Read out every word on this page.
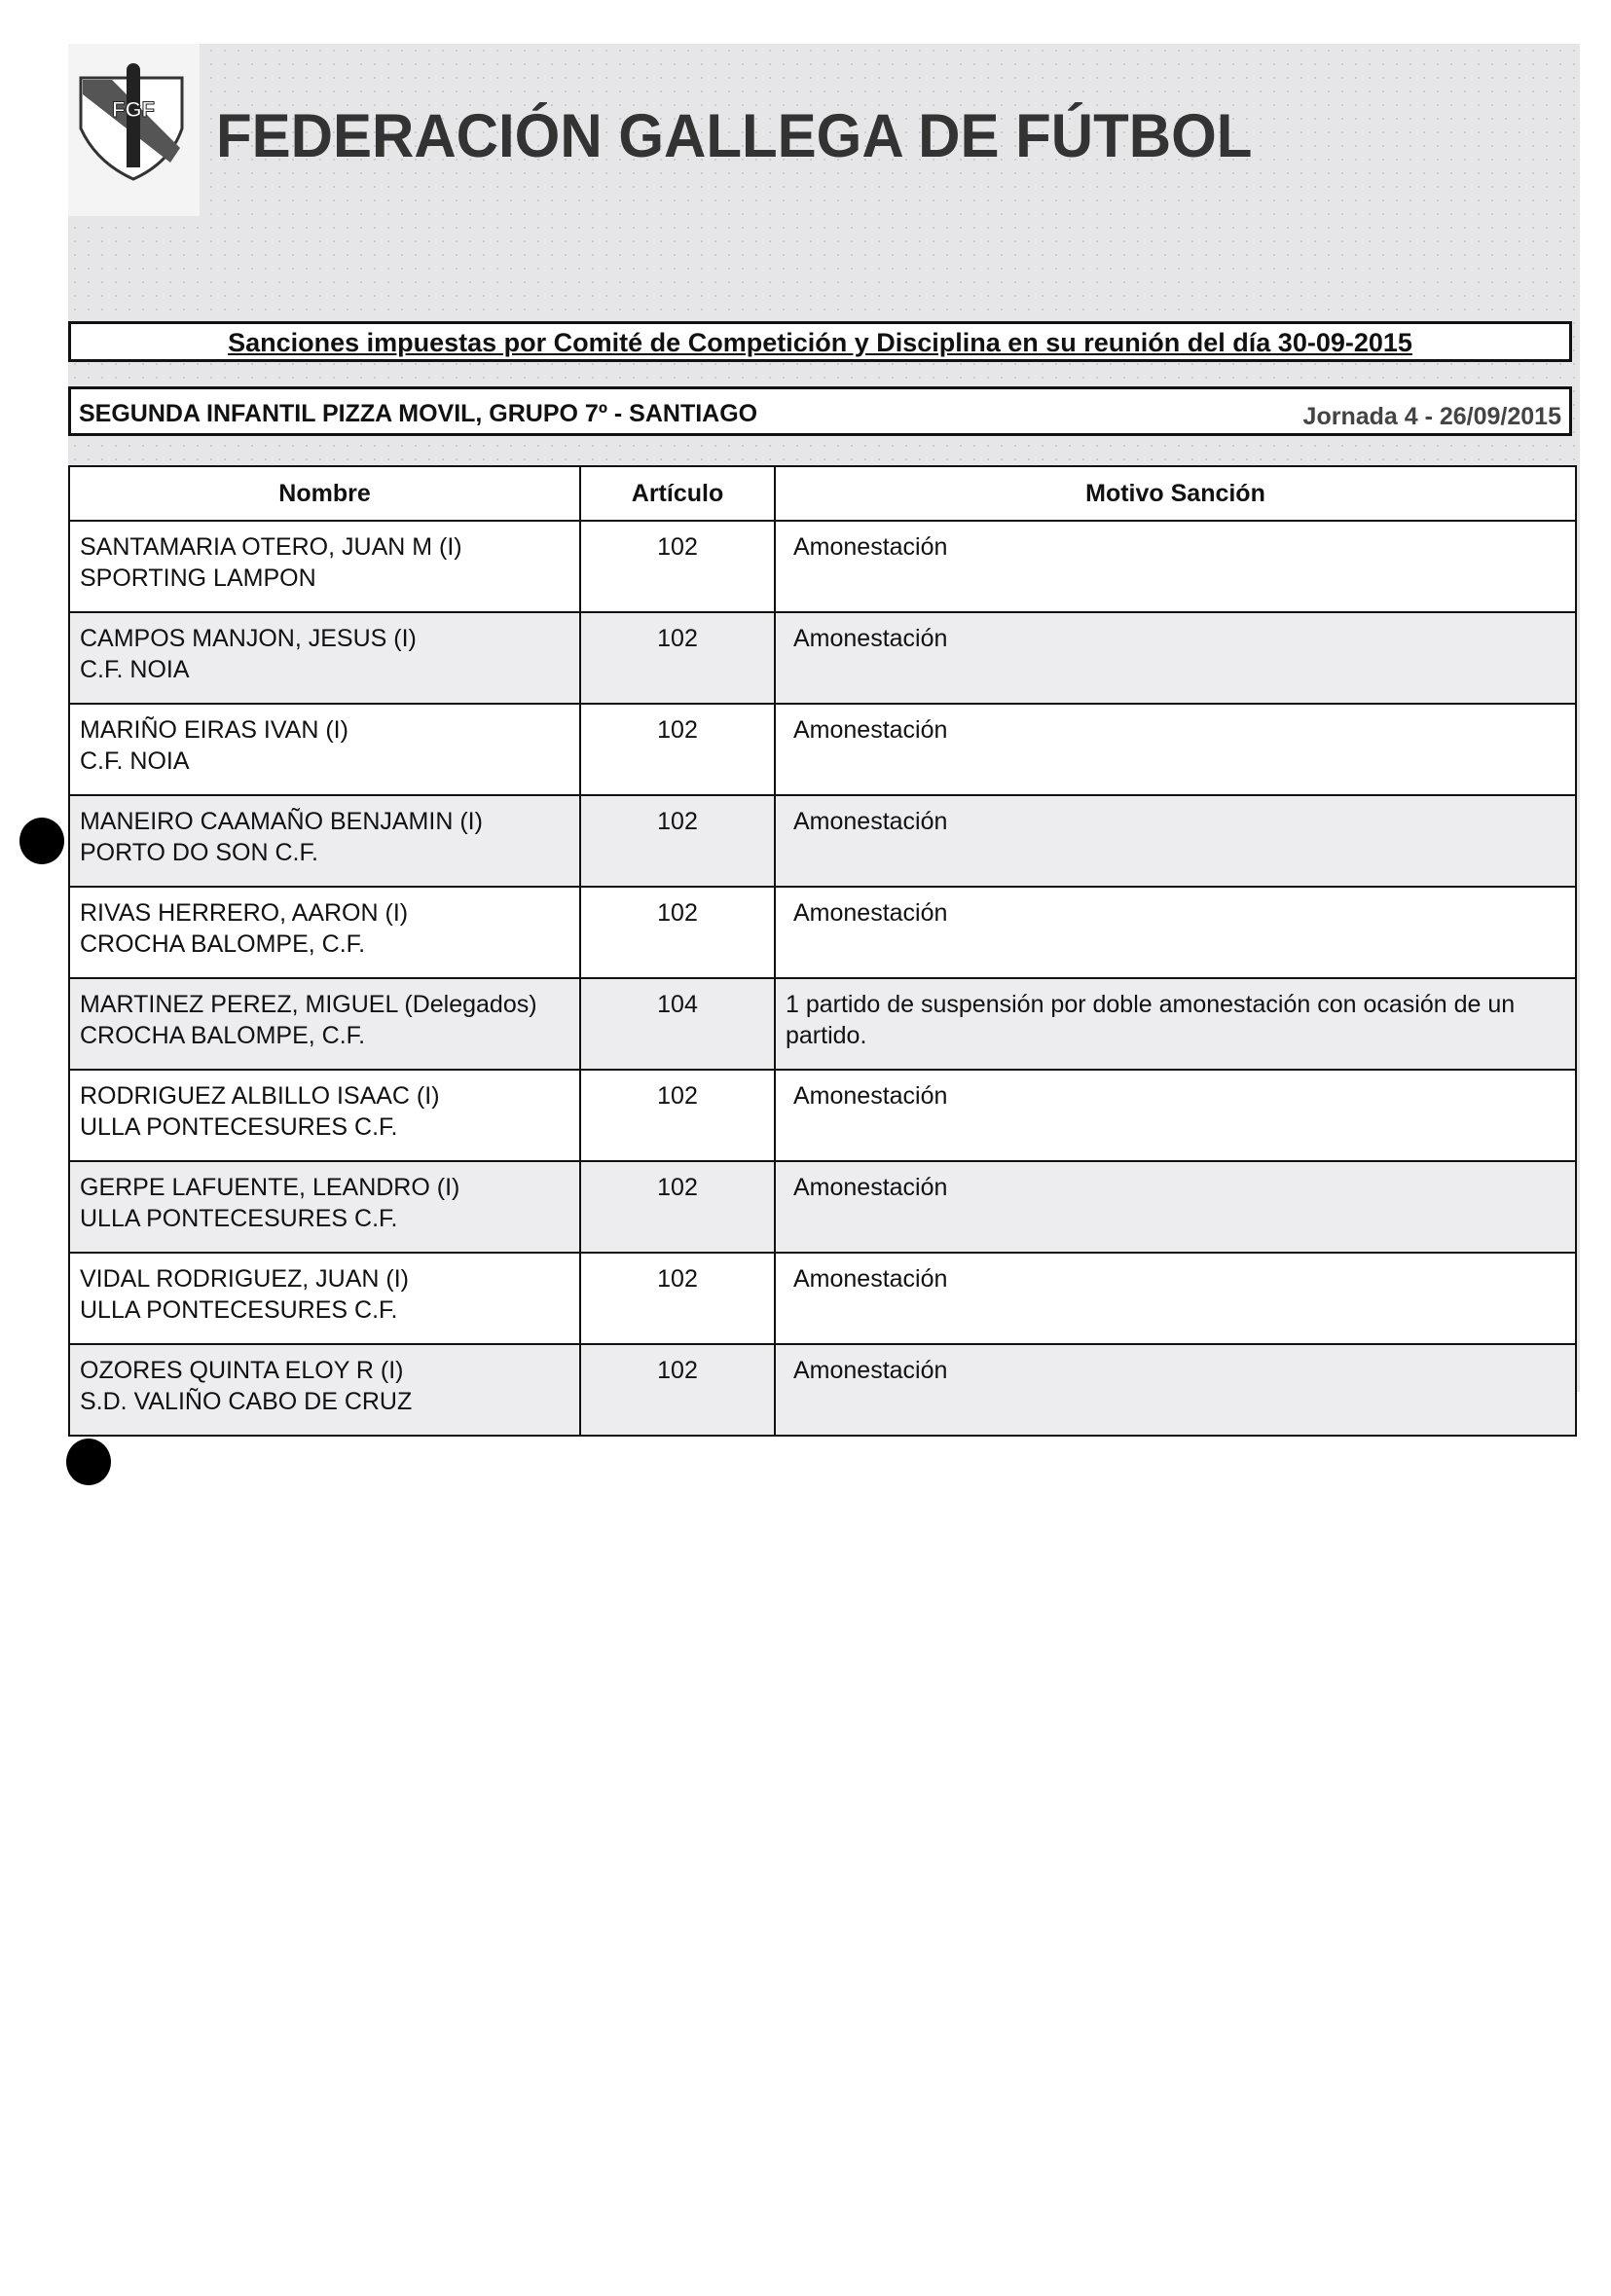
FGF FEDERACIÓN GALLEGA DE FÚTBOL
Sanciones impuestas por Comité de Competición y Disciplina en su reunión del día 30-09-2015
SEGUNDA INFANTIL PIZZA MOVIL, GRUPO 7º - SANTIAGO	Jornada 4 - 26/09/2015
Nombre	Artículo	Motivo Sanción

SANTAMARIA OTERO, JUAN M (I)
SPORTING LAMPON	102	Amonestación

CAMPOS MANJON, JESUS (I)
C.F. NOIA	102	Amonestación

MARIÑO EIRAS IVAN (I)
C.F. NOIA	102	Amonestación

MANEIRO CAAMAÑO BENJAMIN (I)
PORTO DO SON C.F.	102	Amonestación

RIVAS HERRERO, AARON (I)
CROCHA BALOMPE, C.F.	102	Amonestación

MARTINEZ PEREZ, MIGUEL (Delegados)
CROCHA BALOMPE, C.F.	104	1 partido de suspensión por doble amonestación con ocasión de un partido.

RODRIGUEZ ALBILLO ISAAC (I)
ULLA PONTECESURES C.F.	102	Amonestación

GERPE LAFUENTE, LEANDRO (I)
ULLA PONTECESURES C.F.	102	Amonestación

VIDAL RODRIGUEZ, JUAN (I)
ULLA PONTECESURES C.F.	102	Amonestación

OZORES QUINTA ELOY R (I)
S.D. VALIÑO CABO DE CRUZ	102	Amonestación
